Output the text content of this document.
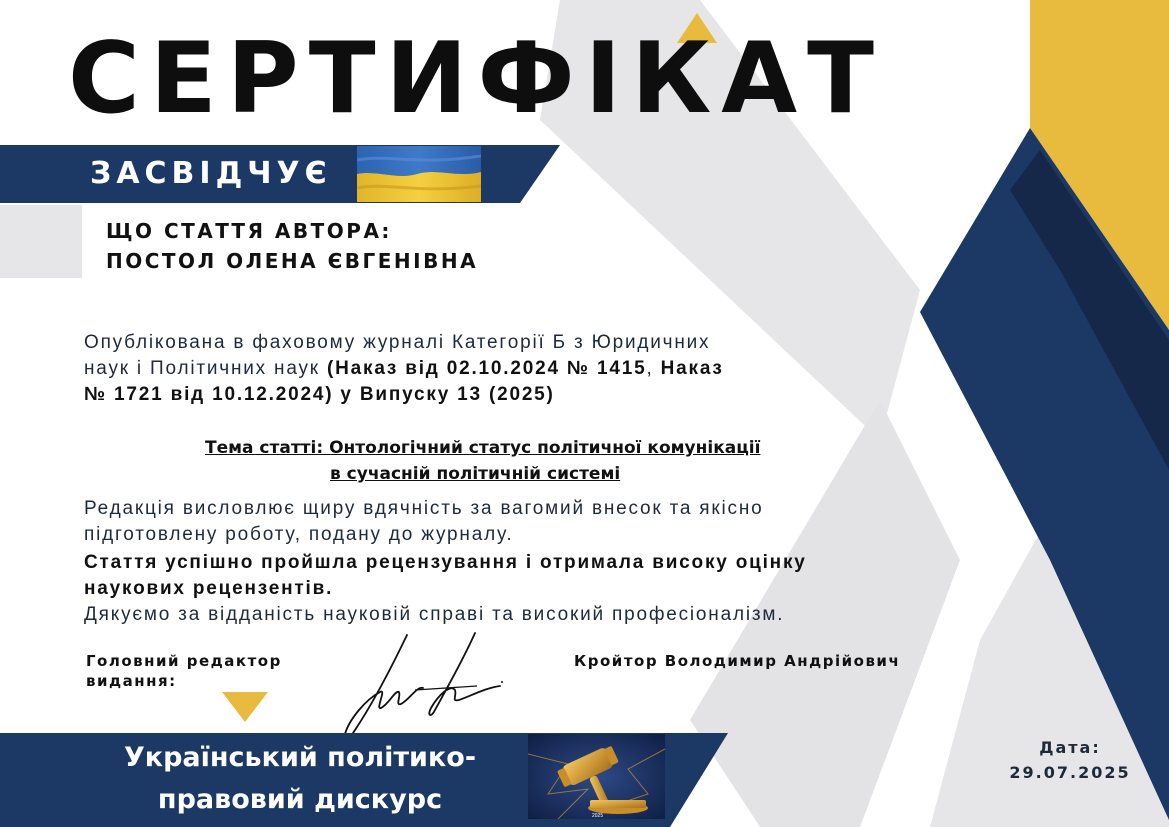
СЕРТИФІКАТ
ЗАСВІДЧУЄ
ЩО СТАТТЯ АВТОРА:
ПОСТОЛ ОЛЕНА ЄВГЕНІВНА
Опублікована в фаховому журналі Категорії Б з Юридичних
наук і Політичних наук (Наказ від 02.10.2024 № 1415, Наказ
№ 1721 від 10.12.2024) у Випуску 13 (2025)
Тема статті: Онтологічний статус політичної комунікації
в сучасній політичній системі
Редакція висловлює щиру вдячність за вагомий внесок та якісно
підготовлену роботу, подану до журналу.
Стаття успішно пройшла рецензування і отримала високу оцінку
наукових рецензентів.
Дякуємо за відданість науковій справі та високий професіоналізм.
Головний редактор
видання:
Кройтор Володимир Андрійович
Український політико-
правовий дискурс
2025
Дата:
29.07.2025
